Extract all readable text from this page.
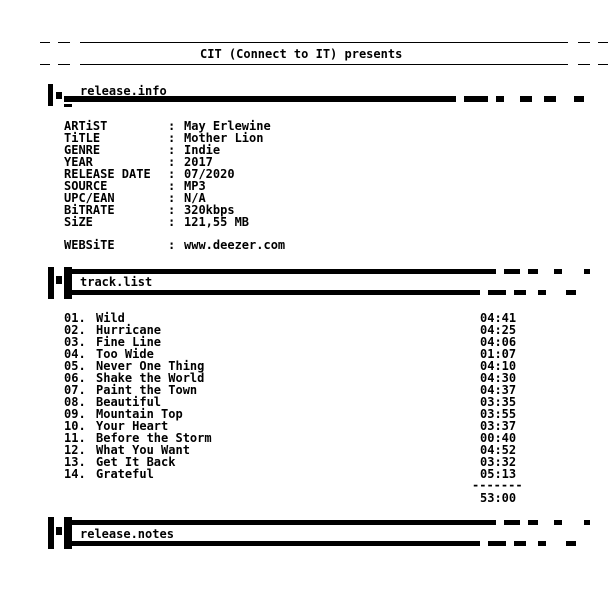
CIT (Connect to IT) presents
release.info
ARTiST	: May Erlewine
TiTLE	: Mother Lion
GENRE	: Indie
YEAR	: 2017
RELEASE DATE : 07/2020
SOURCE	: MP3
UPC/EAN	: N/A
BiTRATE	: 320kbps
SiZE	: 121,55 MB
WEBSiTE	: www.deezer.com
track.list
01. Wild	04:41
02. Hurricane	04:25
03. Fine Line	04:06
04. Too Wide	01:07
05. Never One Thing	04:10
06. Shake the World	04:30
07. Paint the Town	04:37
08. Beautiful	03:35
09. Mountain Top	03:55
10. Your Heart	03:37
11. Before the Storm	00:40
12. What You Want	04:52
13. Get It Back	03:32
14. Grateful	05:13
-------
53:00
release.notes
